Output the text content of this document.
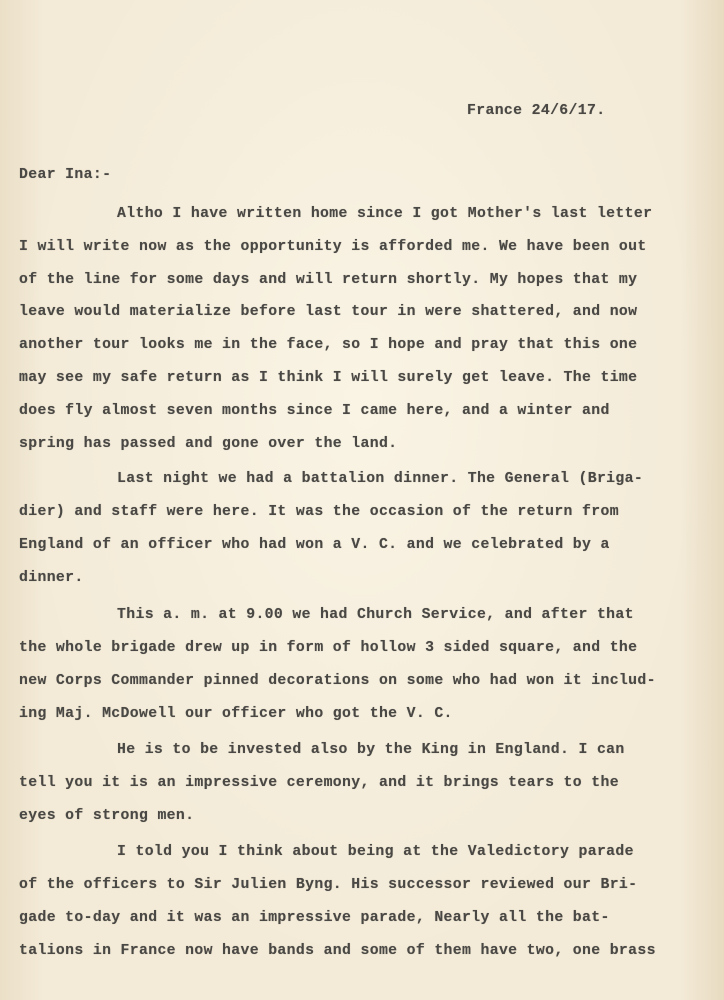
France 24/6/17.
Dear Ina:-
Altho I have written home since I got Mother's last letter
I will write now as the opportunity is afforded me. We have been out
of the line for some days and will return shortly. My hopes that my
leave would materialize before last tour in were shattered, and now
another tour looks me in the face, so I hope and pray that this one
may see my safe return as I think I will surely get leave. The time
does fly almost seven months since I came here, and a winter and
spring has passed and gone over the land.
Last night we had a battalion dinner. The General (Briga-
dier) and staff were here. It was the occasion of the return from
England of an officer who had won a V. C. and we celebrated by a
dinner.
This a. m. at 9.00 we had Church Service, and after that
the whole brigade drew up in form of hollow 3 sided square, and the
new Corps Commander pinned decorations on some who had won it includ-
ing Maj. McDowell our officer who got the V. C.
He is to be invested also by the King in England. I can
tell you it is an impressive ceremony, and it brings tears to the
eyes of strong men.
I told you I think about being at the Valedictory parade
of the officers to Sir Julien Byng. His successor reviewed our Bri-
gade to-day and it was an impressive parade, Nearly all the bat-
talions in France now have bands and some of them have two, one brass
